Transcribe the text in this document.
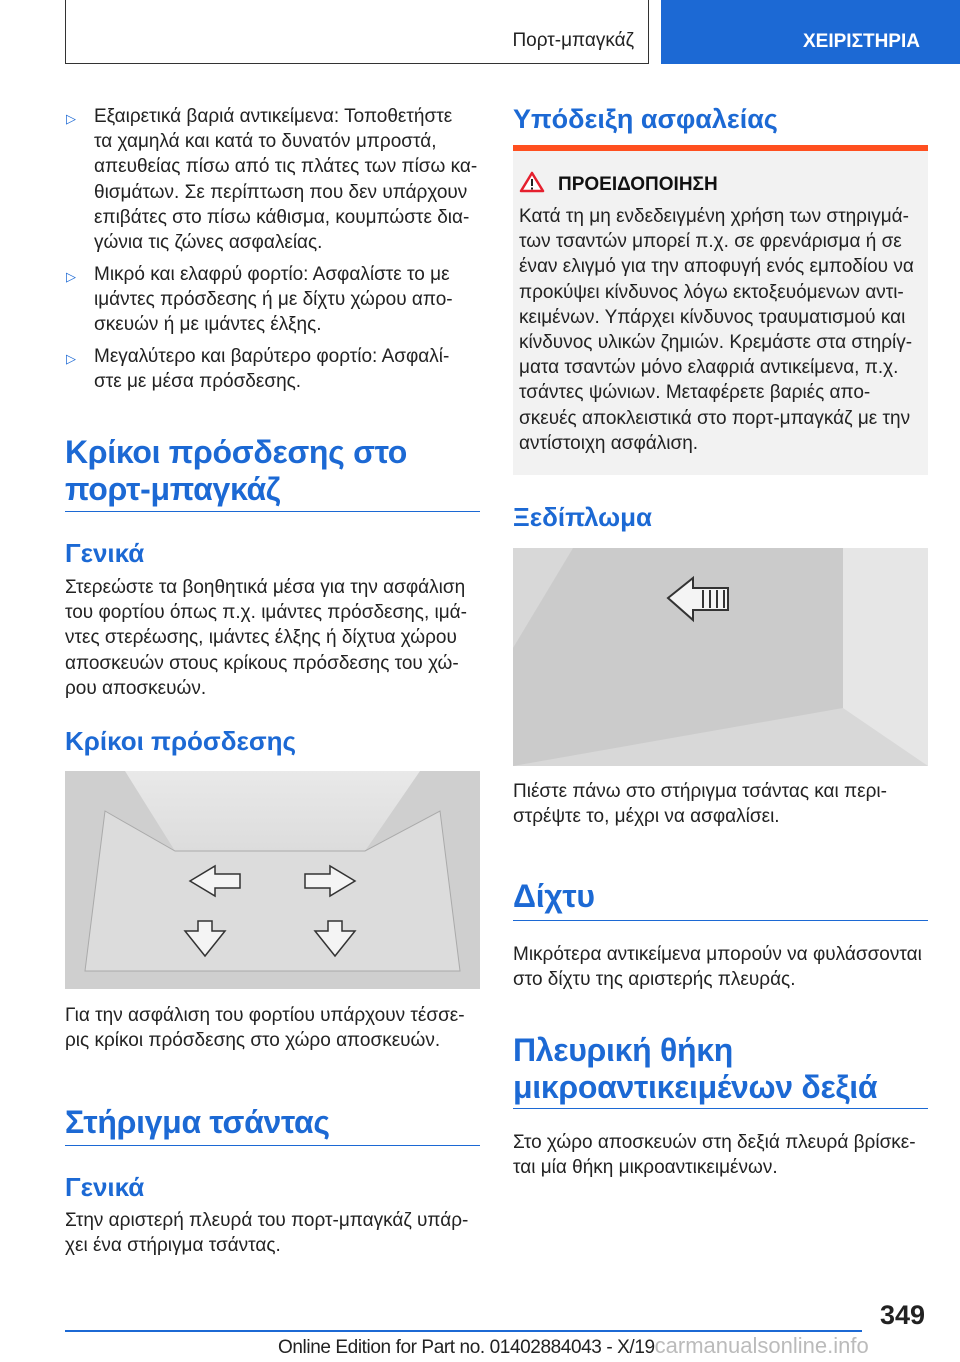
Πορτ-μπαγκάζ	ΧΕΙΡΙΣΤΗΡΙΑ
▷ Εξαιρετικά βαριά αντικείμενα: Τοποθετήστε
τα χαμηλά και κατά το δυνατόν μπροστά,
απευθείας πίσω από τις πλάτες των πίσω κα-
θισμάτων. Σε περίπτωση που δεν υπάρχουν
επιβάτες στο πίσω κάθισμα, κουμπώστε δια-
γώνια τις ζώνες ασφαλείας.
▷ Μικρό και ελαφρύ φορτίο: Ασφαλίστε το με
ιμάντες πρόσδεσης ή με δίχτυ χώρου απο-
σκευών ή με ιμάντες έλξης.
▷ Μεγαλύτερο και βαρύτερο φορτίο: Ασφαλί-
στε με μέσα πρόσδεσης.
Κρίκοι πρόσδεσης στο
πορτ-μπαγκάζ
Γενικά
Στερεώστε τα βοηθητικά μέσα για την ασφάλιση
του φορτίου όπως π.χ. ιμάντες πρόσδεσης, ιμά-
ντες στερέωσης, ιμάντες έλξης ή δίχτυα χώρου
αποσκευών στους κρίκους πρόσδεσης του χώ-
ρου αποσκευών.
Κρίκοι πρόσδεσης
Για την ασφάλιση του φορτίου υπάρχουν τέσσε-
ρις κρίκοι πρόσδεσης στο χώρο αποσκευών.
Στήριγμα τσάντας
Γενικά
Στην αριστερή πλευρά του πορτ-μπαγκάζ υπάρ-
χει ένα στήριγμα τσάντας.
Υπόδειξη ασφαλείας
ΠΡΟΕΙΔΟΠΟΙΗΣΗ
Κατά τη μη ενδεδειγμένη χρήση των στηριγμά-
των τσαντών μπορεί π.χ. σε φρενάρισμα ή σε
έναν ελιγμό για την αποφυγή ενός εμποδίου να
προκύψει κίνδυνος λόγω εκτοξευόμενων αντι-
κειμένων. Υπάρχει κίνδυνος τραυματισμού και
κίνδυνος υλικών ζημιών. Κρεμάστε στα στηρίγ-
ματα τσαντών μόνο ελαφριά αντικείμενα, π.χ.
τσάντες ψώνιων. Μεταφέρετε βαριές απο-
σκευές αποκλειστικά στο πορτ-μπαγκάζ με την
αντίστοιχη ασφάλιση.
Ξεδίπλωμα
Πιέστε πάνω στο στήριγμα τσάντας και περι-
στρέψτε το, μέχρι να ασφαλίσει.
Δίχτυ
Μικρότερα αντικείμενα μπορούν να φυλάσσονται
στο δίχτυ της αριστερής πλευράς.
Πλευρική θήκη
μικροαντικειμένων δεξιά
Στο χώρο αποσκευών στη δεξιά πλευρά βρίσκε-
ται μία θήκη μικροαντικειμένων.
349
Online Edition for Part no. 01402884043 - X/19carmanualsonline.info
